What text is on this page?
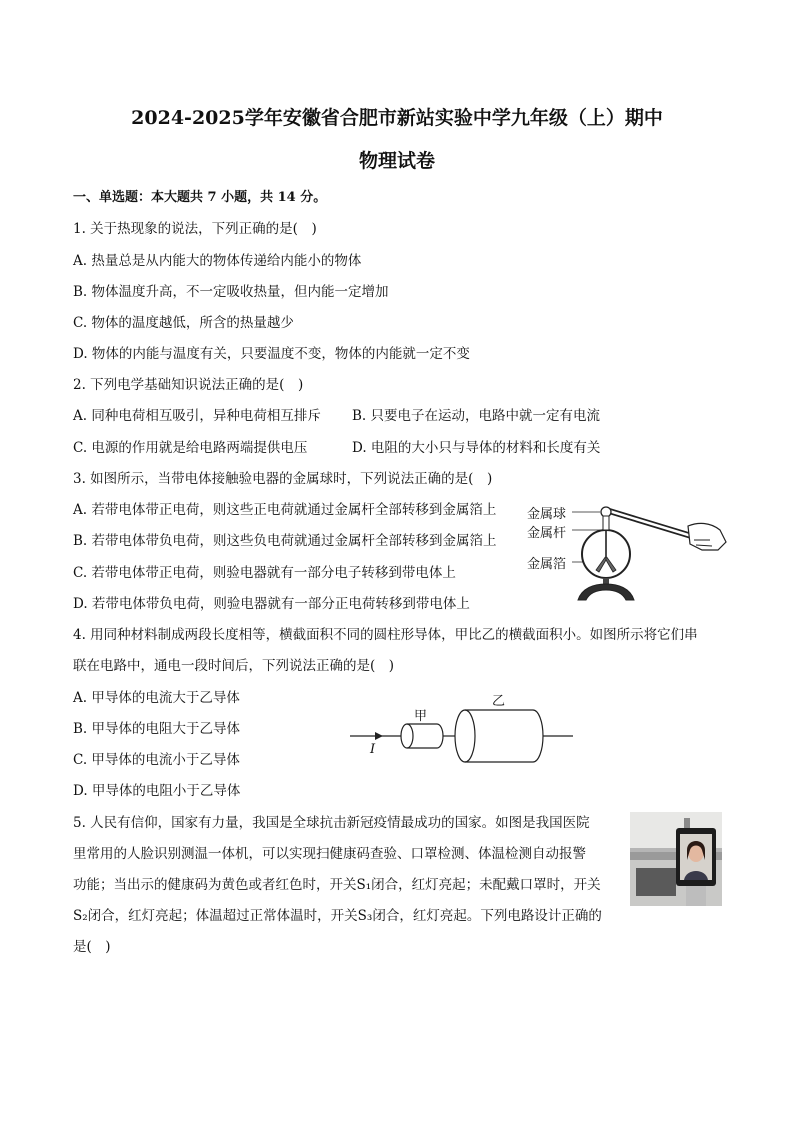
2024-2025学年安徽省合肥市新站实验中学九年级（上）期中
物理试卷
一、单选题：本大题共 7 小题，共 14 分。
1. 关于热现象的说法，下列正确的是(　)
A. 热量总是从内能大的物体传递给内能小的物体
B. 物体温度升高，不一定吸收热量，但内能一定增加
C. 物体的温度越低，所含的热量越少
D. 物体的内能与温度有关，只要温度不变，物体的内能就一定不变
2. 下列电学基础知识说法正确的是(　)
A. 同种电荷相互吸引，异种电荷相互排斥 B. 只要电子在运动，电路中就一定有电流
C. 电源的作用就是给电路两端提供电压	D. 电阻的大小只与导体的材料和长度有关
3. 如图所示，当带电体接触验电器的金属球时，下列说法正确的是(　)
A. 若带电体带正电荷，则这些正电荷就通过金属杆全部转移到金属箔上
B. 若带电体带负电荷，则这些负电荷就通过金属杆全部转移到金属箔上
C. 若带电体带正电荷，则验电器就有一部分电子转移到带电体上
D. 若带电体带负电荷，则验电器就有一部分正电荷转移到带电体上
金属球
金属杆
金属箔
4. 用同种材料制成两段长度相等，横截面积不同的圆柱形导体，甲比乙的横截面积小。如图所示将它们串
联在电路中，通电一段时间后，下列说法正确的是(　)
A. 甲导体的电流大于乙导体
B. 甲导体的电阻大于乙导体
C. 甲导体的电流小于乙导体
D. 甲导体的电阻小于乙导体
甲
乙
I
5. 人民有信仰，国家有力量，我国是全球抗击新冠疫情最成功的国家。如图是我国医院
里常用的人脸识别测温一体机，可以实现扫健康码查验、口罩检测、体温检测自动报警
功能；当出示的健康码为黄色或者红色时，开关S₁闭合，红灯亮起；未配戴口罩时，开关
S₂闭合，红灯亮起；体温超过正常体温时，开关S₃闭合，红灯亮起。下列电路设计正确的
是(　)
